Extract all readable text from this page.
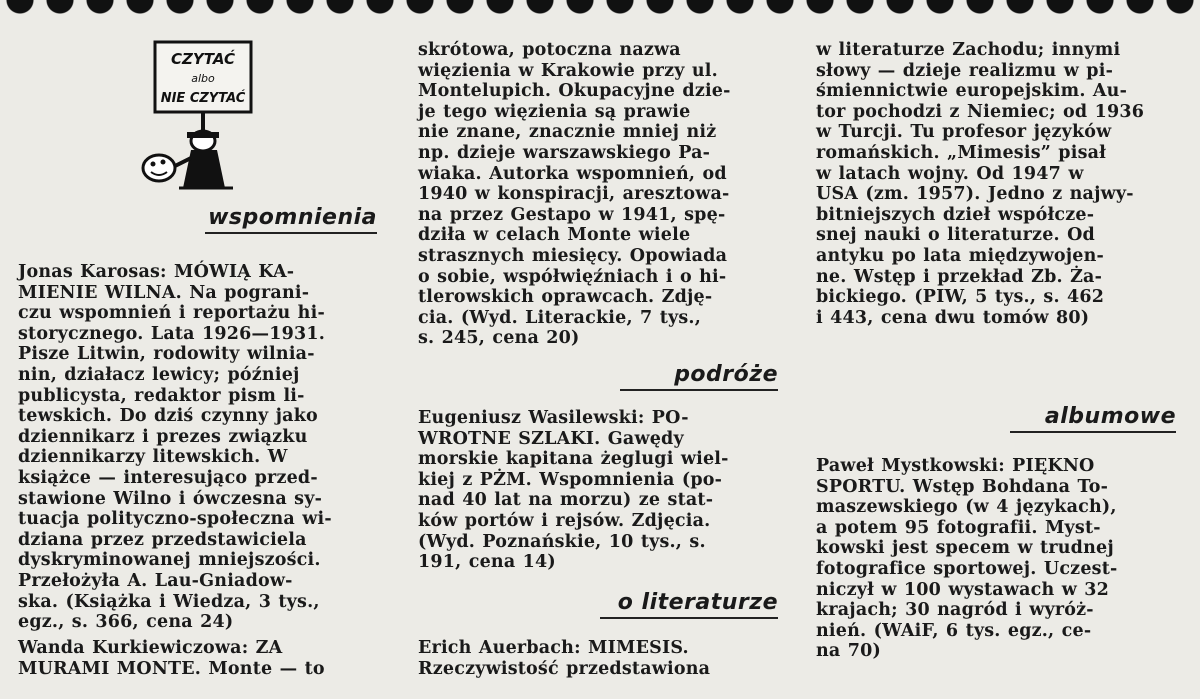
CZYTAĆ
albo
NIE CZYTAĆ
wspomnienia
podróże
o literaturze
albumowe

Jonas Karosas: MÓWIĄ KA-

MIENIE WILNA. Na pograni-

czu wspomnień i reportażu hi-

storycznego. Lata 1926—1931.

Pisze Litwin, rodowity wilnia-

nin, działacz lewicy; później

publicysta, redaktor pism li-

tewskich. Do dziś czynny jako

dziennikarz i prezes związku

dziennikarzy litewskich. W

książce — interesująco przed-

stawione Wilno i ówczesna sy-

tuacja polityczno-społeczna wi-

dziana przez przedstawiciela

dyskryminowanej mniejszości.

Przełożyła A. Lau-Gniadow-

ska. (Książka i Wiedza, 3 tys.,

egz., s. 366, cena 24)

Wanda Kurkiewiczowa: ZA

MURAMI MONTE. Monte — to

skrótowa, potoczna nazwa

więzienia w Krakowie przy ul.

Montelupich. Okupacyjne dzie-

je tego więzienia są prawie

nie znane, znacznie mniej niż

np. dzieje warszawskiego Pa-

wiaka. Autorka wspomnień, od

1940 w konspiracji, aresztowa-

na przez Gestapo w 1941, spę-

dziła w celach Monte wiele

strasznych miesięcy. Opowiada

o sobie, współwięźniach i o hi-

tlerowskich oprawcach. Zdję-

cia. (Wyd. Literackie, 7 tys.,

s. 245, cena 20)

Eugeniusz Wasilewski: PO-

WROTNE SZLAKI. Gawędy

morskie kapitana żeglugi wiel-

kiej z PŻM. Wspomnienia (po-

nad 40 lat na morzu) ze stat-

ków portów i rejsów. Zdjęcia.

(Wyd. Poznańskie, 10 tys., s.

191, cena 14)

Erich Auerbach: MIMESIS.

Rzeczywistość przedstawiona

w literaturze Zachodu; innymi

słowy — dzieje realizmu w pi-

śmiennictwie europejskim. Au-

tor pochodzi z Niemiec; od 1936

w Turcji. Tu profesor języków

romańskich. „Mimesis” pisał

w latach wojny. Od 1947 w

USA (zm. 1957). Jedno z najwy-

bitniejszych dzieł współcze-

snej nauki o literaturze. Od

antyku po lata międzywojen-

ne. Wstęp i przekład Zb. Ża-

bickiego. (PIW, 5 tys., s. 462

i 443, cena dwu tomów 80)

Paweł Mystkowski: PIĘKNO

SPORTU. Wstęp Bohdana To-

maszewskiego (w 4 językach),

a potem 95 fotografii. Myst-

kowski jest specem w trudnej

fotografice sportowej. Uczest-

niczył w 100 wystawach w 32

krajach; 30 nagród i wyróż-

nień. (WAiF, 6 tys. egz., ce-

na 70)
